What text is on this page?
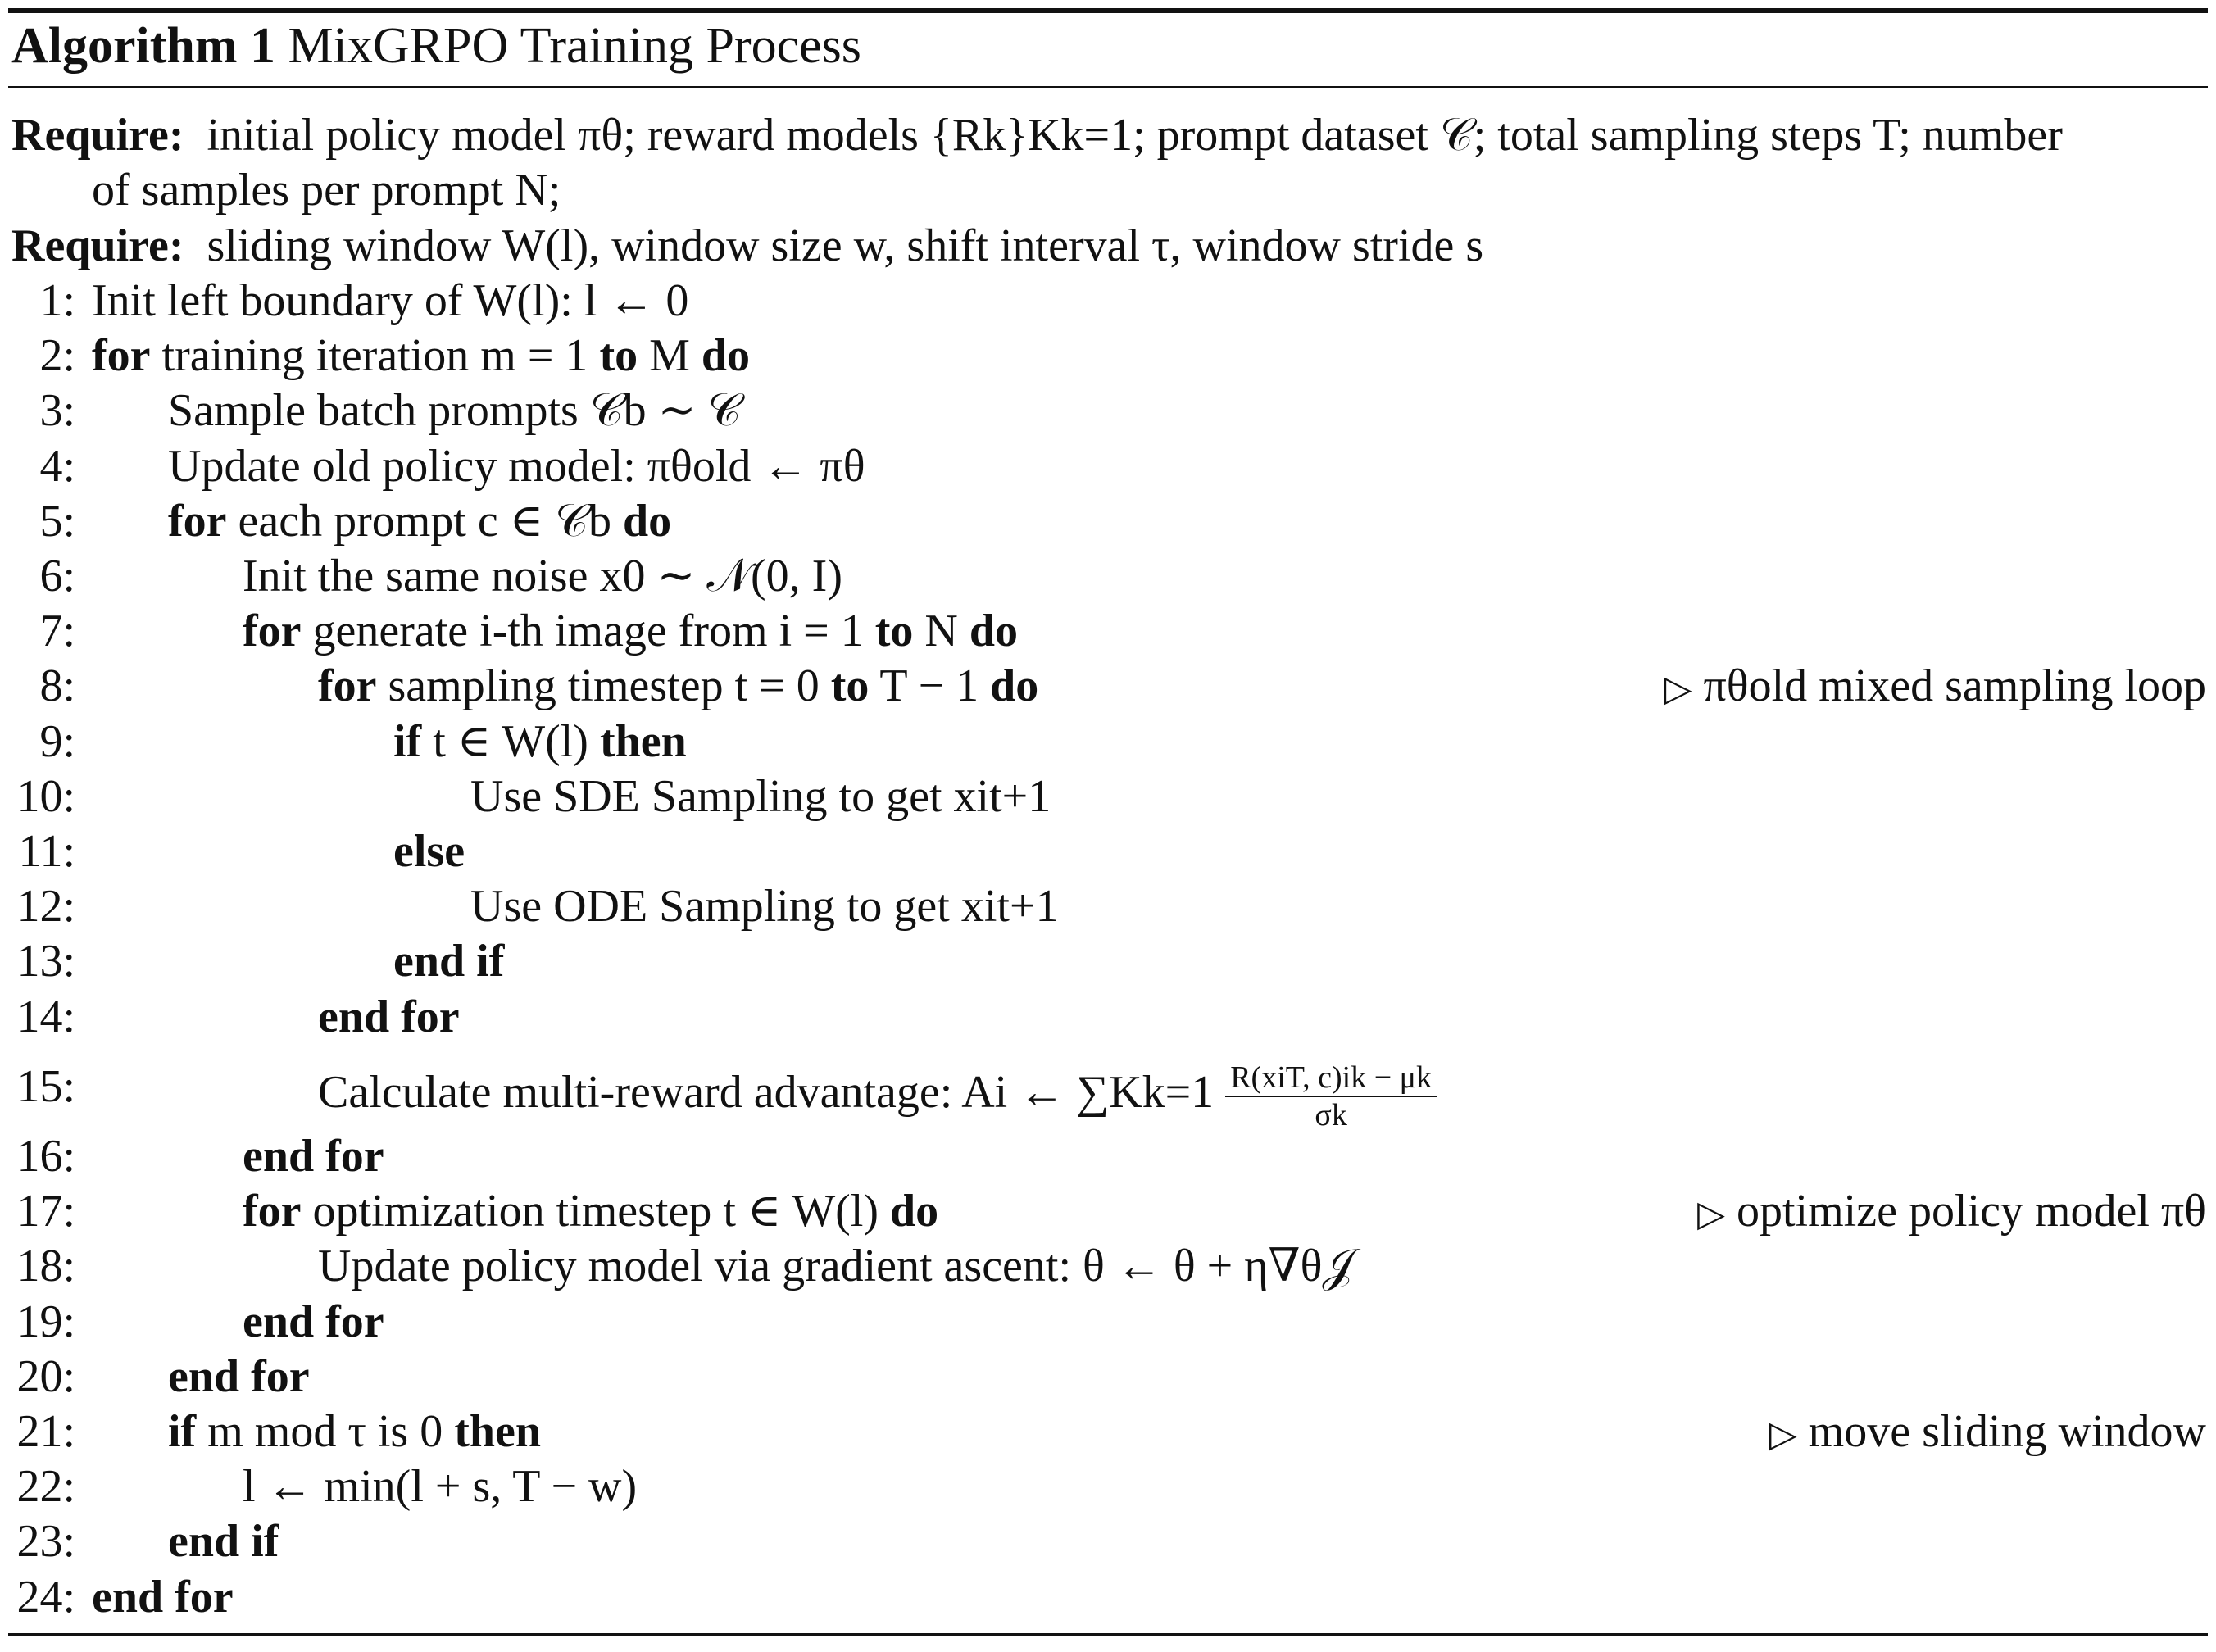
Algorithm 1 MixGRPO Training Process
Require: initial policy model πθ; reward models {Rk}Kk=1; prompt dataset 𝒞; total sampling steps T; number
of samples per prompt N;
Require: sliding window W(l), window size w, shift interval τ, window stride s
1: Init left boundary of W(l): l ← 0
2: for training iteration m = 1 to M do
3: Sample batch prompts 𝒞b ∼ 𝒞
4: Update old policy model: πθold ← πθ
5: for each prompt c ∈ 𝒞b do
6:	Init the same noise x0 ∼ 𝒩(0, I)
7:	for generate i-th image from i = 1 to N do
8:	for sampling timestep t = 0 to T − 1 do	▷ πθold mixed sampling loop
9:	if t ∈ W(l) then
10:	Use SDE Sampling to get xit+1
11:	else
12:	Use ODE Sampling to get xit+1
13:	end if
14:	end for
15:	Calculate multi-reward advantage: Ai ← $\sum Kk=1 \frac{\text{R(xiT, c)ik − μk}}{\sigma k}$
16:	end for
17:	for optimization timestep t ∈ W(l) do	▷ optimize policy model πθ
18:	Update policy model via gradient ascent: θ ← θ + η∇θ𝒥
19:	end for
20: end for
21: if m mod τ is 0 then	▷ move sliding window
22:	l ← min(l + s, T − w)
23: end if
24: end for
